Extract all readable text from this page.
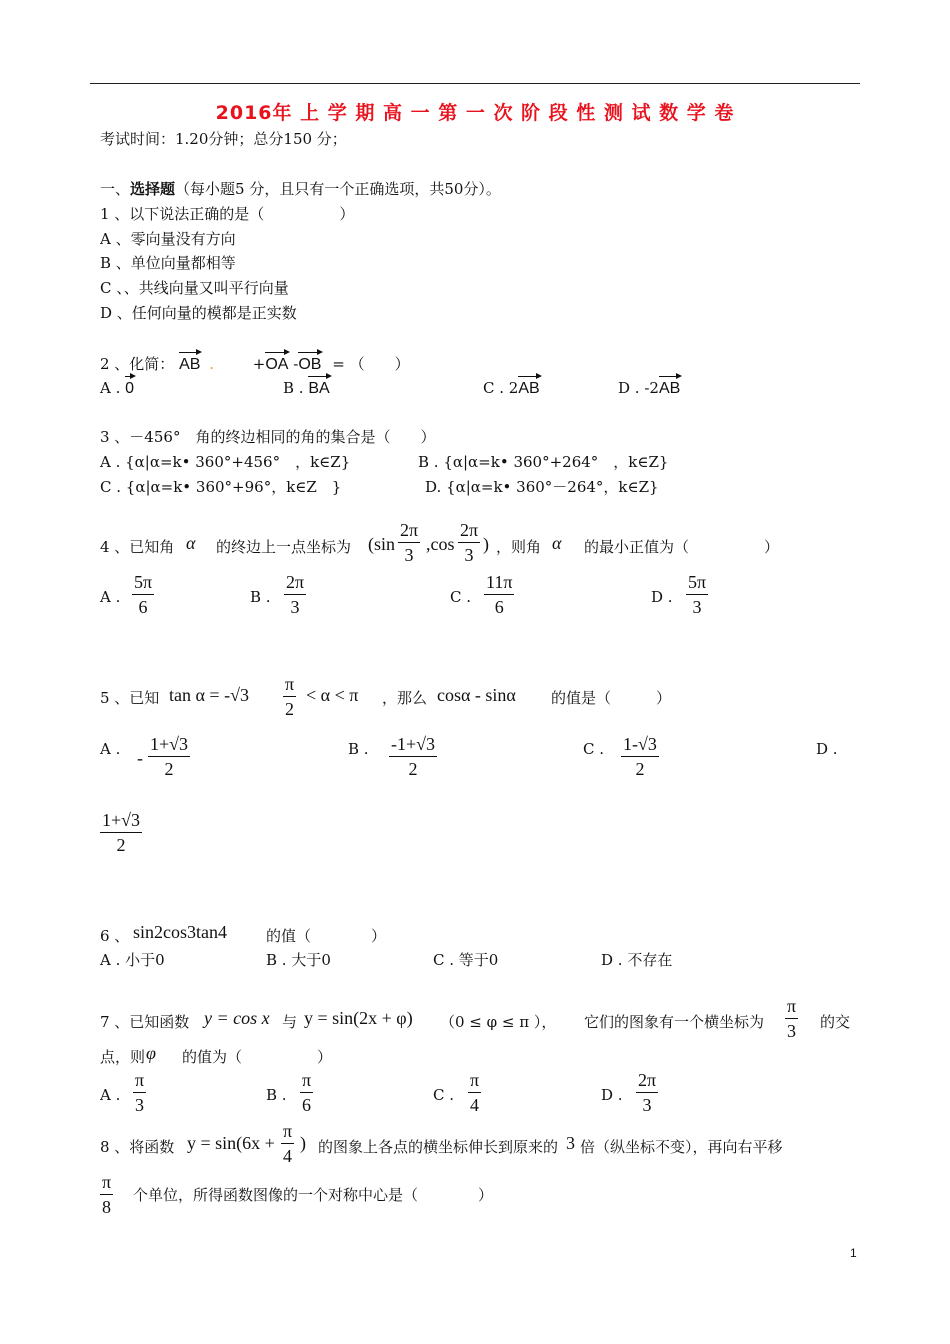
2016年 上 学 期 高 一 第 一 次 阶 段 性 测 试 数 学 卷
考试时间：1.20分钟；总分150 分；
一、选择题（每小题5 分，且只有一个正确选项，共50分）。
1 、以下说法正确的是（　　　　　）
A 、零向量没有方向
B 、单位向量都相等
C 、、共线向量又叫平行向量
D 、任何向量的模都是正实数
2 、化简： AB .	+OA -OB = （　　）
A . 0	B . BA	C . 2AB	D . -2AB
3 、－456°　角的终边相同的角的集合是（　　）
A . {α|α=k• 360°+456°　，k∈Z}	B . {α|α=k• 360°+264°　，k∈Z}
C . {α|α=k• 360°+96°，k∈Z　}	D. {α|α=k• 360°－264°，k∈Z}
4 、已知角 α 的终边上一点坐标为 ($\sin \frac{2\pi}{3} ,\cos \frac{2\pi}{3}$ ) ，则角 α 的最小正值为（　　　　　）
A . $\frac{5\pi}{6}$	B . $\frac{2\pi}{3}$	C . $\frac{11\pi}{6}$	D . $\frac{5\pi}{3}$
5 、已知 $\tan \alpha = -√3 \frac{\pi}{2} < \alpha < \pi$ ，那么 cosα - sinα 的值是（　　　）
A . - $\frac{1+√3}{2}$	B . $\frac{-1+√3}{2}$	C . $\frac{1-√3}{2}$	D .
$\frac{1+√3}{2}$
6 、 sin2cos3tan4	的值（　　　　）
A . 小于0	B . 大于0	C . 等于0	D . 不存在
7 、已知函数 y = cos x 与 y = sin(2x + φ) （0 ≤ φ ≤ π ）， 它们的图象有一个横坐标为 $\frac{\pi}{3}$ 的交
点，则 φ 的值为（　　　　　）
A . $\frac{\pi}{3}$	B . $\frac{\pi}{6}$	C . $\frac{\pi}{4}$	D . $\frac{2\pi}{3}$
8 、将函数 $y = \sin(6x + \frac{\pi}{4}$ ) 的图象上各点的横坐标伸长到原来的 3 倍（纵坐标不变），再向右平移
$\frac{\pi}{8}$ 个单位，所得函数图像的一个对称中心是（　　　　）
1
